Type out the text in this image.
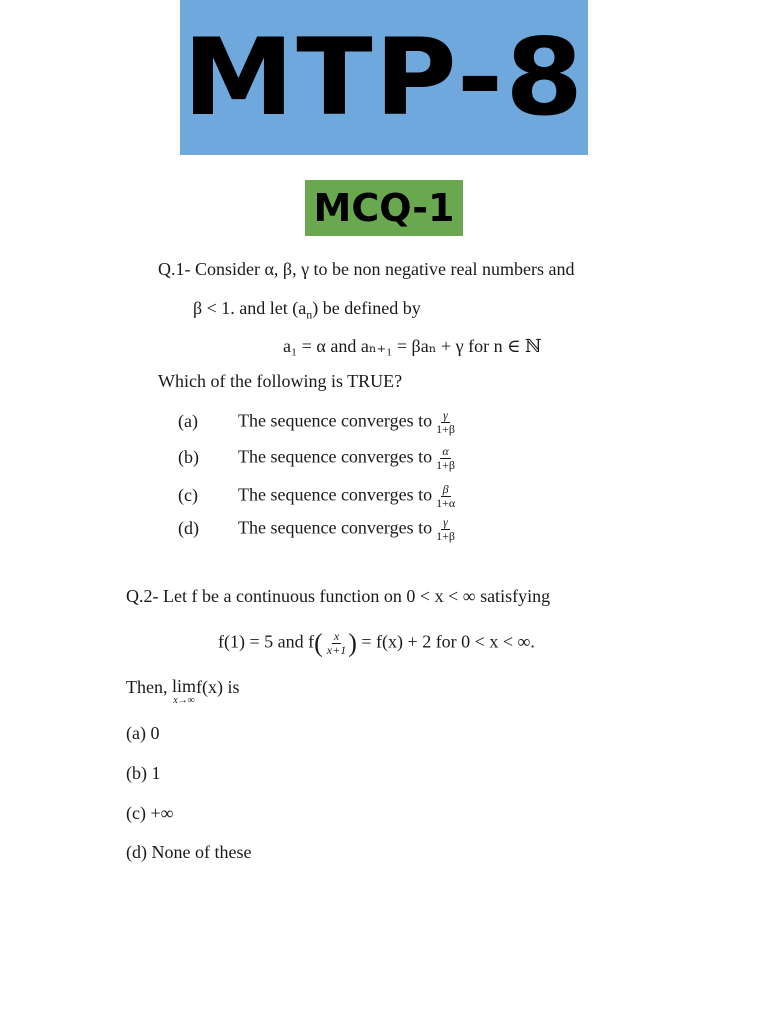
MTP-8
MCQ-1
Q.1- Consider α, β, γ to be non negative real numbers and
β < 1. and let $(a_n)$ be defined by
a₁ = α and aₙ₊₁ = βaₙ + γ for n ∈ ℕ
Which of the following is TRUE?
(a) The sequence converges to $\frac{\gamma}{1+\beta}$
(b) The sequence converges to $\frac{\alpha}{1+\beta}$
(c) The sequence converges to $\frac{\beta}{1+\alpha}$
(d) The sequence converges to $\frac{\gamma}{1+\beta}$
Q.2- Let f be a continuous function on 0 < x < ∞ satisfying
f(1) = 5 and $f( \frac{x}{x+1}$ ) = f(x) + 2 for 0 < x < ∞.
Then, lim
x→∞
f(x) is
(a) 0
(b) 1
(c) +∞
(d) None of these
